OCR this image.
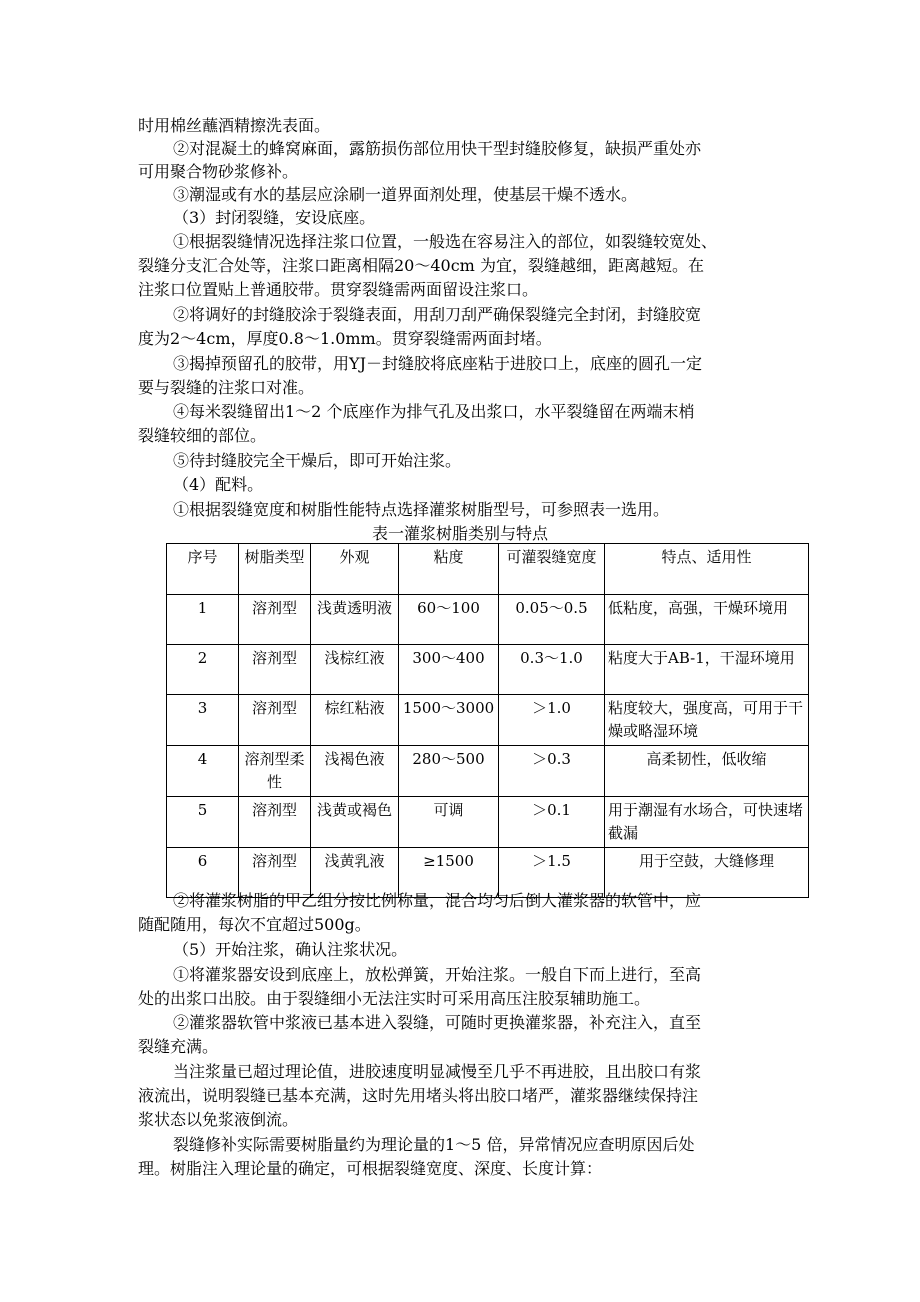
时用棉丝蘸酒精擦洗表面。
②对混凝土的蜂窝麻面，露筋损伤部位用快干型封缝胶修复，缺损严重处亦
可用聚合物砂浆修补。
③潮湿或有水的基层应涂刷一道界面剂处理，使基层干燥不透水。
（3）封闭裂缝，安设底座。
①根据裂缝情况选择注浆口位置，一般选在容易注入的部位，如裂缝较宽处、
裂缝分支汇合处等，注浆口距离相隔20～40cm 为宜，裂缝越细，距离越短。在
注浆口位置贴上普通胶带。贯穿裂缝需两面留设注浆口。
②将调好的封缝胶涂于裂缝表面，用刮刀刮严确保裂缝完全封闭，封缝胶宽
度为2～4cm，厚度0.8～1.0mm。贯穿裂缝需两面封堵。
③揭掉预留孔的胶带，用YJ－封缝胶将底座粘于进胶口上，底座的圆孔一定
要与裂缝的注浆口对准。
④每米裂缝留出1～2 个底座作为排气孔及出浆口，水平裂缝留在两端末梢
裂缝较细的部位。
⑤待封缝胶完全干燥后，即可开始注浆。
（4）配料。
①根据裂缝宽度和树脂性能特点选择灌浆树脂型号，可参照表一选用。
表一灌浆树脂类别与特点
序号	树脂类型	外观	粘度	可灌裂缝宽度	特点、适用性
1	溶剂型	浅黄透明液	60～100	0.05～0.5	低粘度，高强，干燥环境用
2	溶剂型	浅棕红液	300～400	0.3～1.0	粘度大于AB-1，干湿环境用
3	溶剂型	棕红粘液	1500～3000	＞1.0	粘度较大，强度高，可用于干燥或略湿环境
4	溶剂型柔性	浅褐色液	280～500	＞0.3	高柔韧性，低收缩
5	溶剂型	浅黄或褐色	可调	＞0.1	用于潮湿有水场合，可快速堵截漏
6	溶剂型	浅黄乳液	≥1500	＞1.5	用于空鼓，大缝修理
②将灌浆树脂的甲乙组分按比例称量，混合均匀后倒人灌浆器的软管中，应
随配随用，每次不宜超过500g。
（5）开始注浆，确认注浆状况。
①将灌浆器安设到底座上，放松弹簧，开始注浆。一般自下而上进行，至高
处的出浆口出胶。由于裂缝细小无法注实时可采用高压注胶泵辅助施工。
②灌浆器软管中浆液已基本进入裂缝，可随时更换灌浆器，补充注入，直至
裂缝充满。
当注浆量已超过理论值，进胶速度明显减慢至几乎不再进胶，且出胶口有浆
液流出，说明裂缝已基本充满，这时先用堵头将出胶口堵严，灌浆器继续保持注
浆状态以免浆液倒流。
裂缝修补实际需要树脂量约为理论量的1～5 倍，异常情况应查明原因后处
理。树脂注入理论量的确定，可根据裂缝宽度、深度、长度计算：
